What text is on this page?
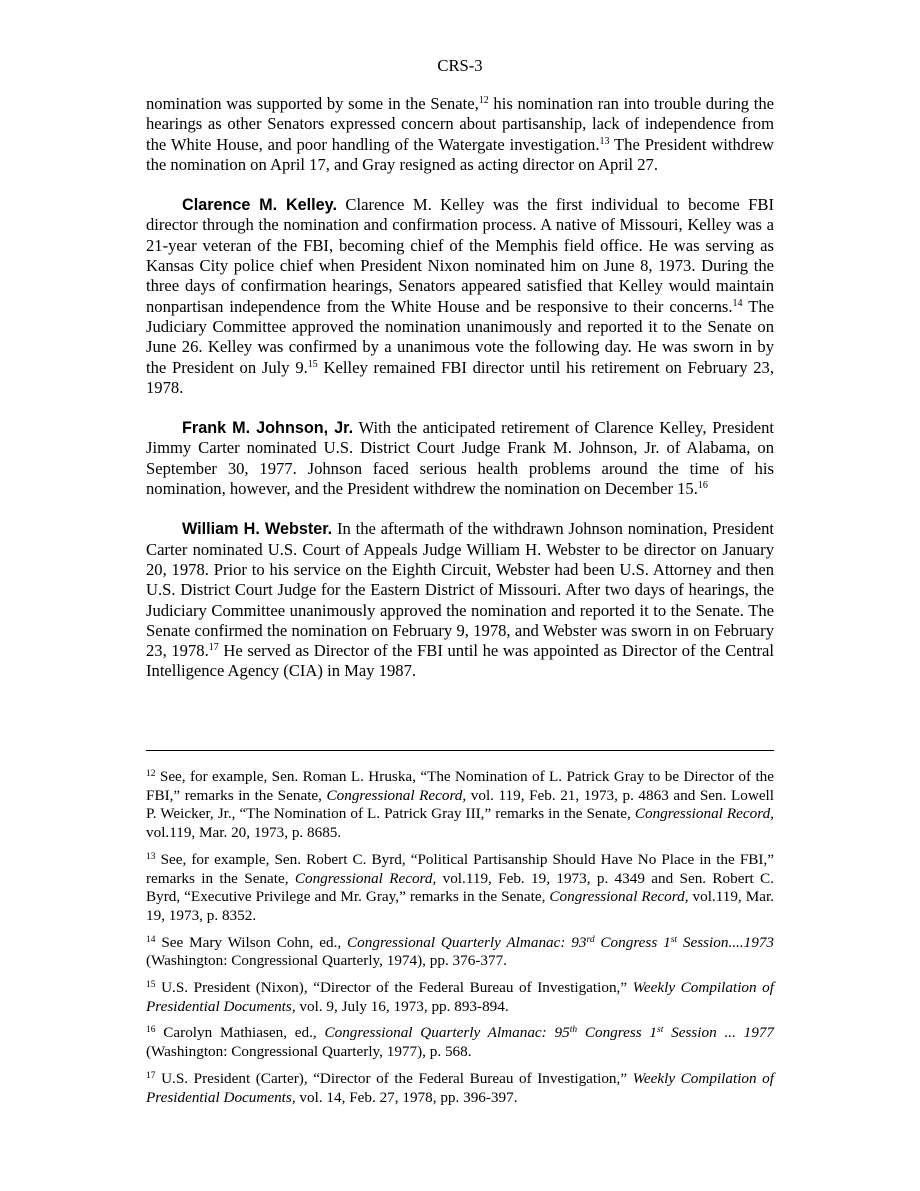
CRS-3

nomination was supported by some in the Senate,$^{12}$ his nomination ran into trouble during the hearings as other Senators expressed concern about partisanship, lack of independence from the White House, and poor handling of the Watergate investigation.$^{13}$ The President withdrew the nomination on April 17, and Gray resigned as acting director on April 27.

Clarence M. Kelley. Clarence M. Kelley was the first individual to become FBI director through the nomination and confirmation process. A native of Missouri, Kelley was a 21-year veteran of the FBI, becoming chief of the Memphis field office. He was serving as Kansas City police chief when President Nixon nominated him on June 8, 1973. During the three days of confirmation hearings, Senators appeared satisfied that Kelley would maintain nonpartisan independence from the White House and be responsive to their concerns.$^{14}$ The Judiciary Committee approved the nomination unanimously and reported it to the Senate on June 26. Kelley was confirmed by a unanimous vote the following day. He was sworn in by the President on July 9.15 Kelley remained FBI director until his retirement on February 23, 1978.

Frank M. Johnson, Jr. With the anticipated retirement of Clarence Kelley, President Jimmy Carter nominated U.S. District Court Judge Frank M. Johnson, Jr. of Alabama, on September 30, 1977. Johnson faced serious health problems around the time of his nomination, however, and the President withdrew the nomination on December 15.16

William H. Webster. In the aftermath of the withdrawn Johnson nomination, President Carter nominated U.S. Court of Appeals Judge William H. Webster to be director on January 20, 1978. Prior to his service on the Eighth Circuit, Webster had been U.S. Attorney and then U.S. District Court Judge for the Eastern District of Missouri. After two days of hearings, the Judiciary Committee unanimously approved the nomination and reported it to the Senate. The Senate confirmed the nomination on February 9, 1978, and Webster was sworn in on February 23, 1978.17 He served as Director of the FBI until he was appointed as Director of the Central Intelligence Agency (CIA) in May 1987.

$^{12}$ See, for example, Sen. Roman L. Hruska, “The Nomination of L. Patrick Gray to be Director of the FBI,” remarks in the Senate, Congressional Record, vol. 119, Feb. 21, 1973, p. 4863 and Sen. Lowell P. Weicker, Jr., “The Nomination of L. Patrick Gray III,” remarks in the Senate, Congressional Record, vol.119, Mar. 20, 1973, p. 8685.

$^{13}$ See, for example, Sen. Robert C. Byrd, “Political Partisanship Should Have No Place in the FBI,” remarks in the Senate, Congressional Record, vol.119, Feb. 19, 1973, p. 4349 and Sen. Robert C. Byrd, “Executive Privilege and Mr. Gray,” remarks in the Senate, Congressional Record, vol.119, Mar. 19, 1973, p. 8352.

$^{14}$ See Mary Wilson Cohn, ed., Congressional Quarterly Almanac: 93rd Congress 1st Session....1973 (Washington: Congressional Quarterly, 1974), pp. 376-377.

$^{15}$ U.S. President (Nixon), “Director of the Federal Bureau of Investigation,” Weekly Compilation of Presidential Documents, vol. 9, July 16, 1973, pp. 893-894.

$^{16}$ Carolyn Mathiasen, ed., Congressional Quarterly Almanac: 95th Congress 1st Session ... 1977 (Washington: Congressional Quarterly, 1977), p. 568.

$^{17}$ U.S. President (Carter), “Director of the Federal Bureau of Investigation,” Weekly Compilation of Presidential Documents, vol. 14, Feb. 27, 1978, pp. 396-397.
